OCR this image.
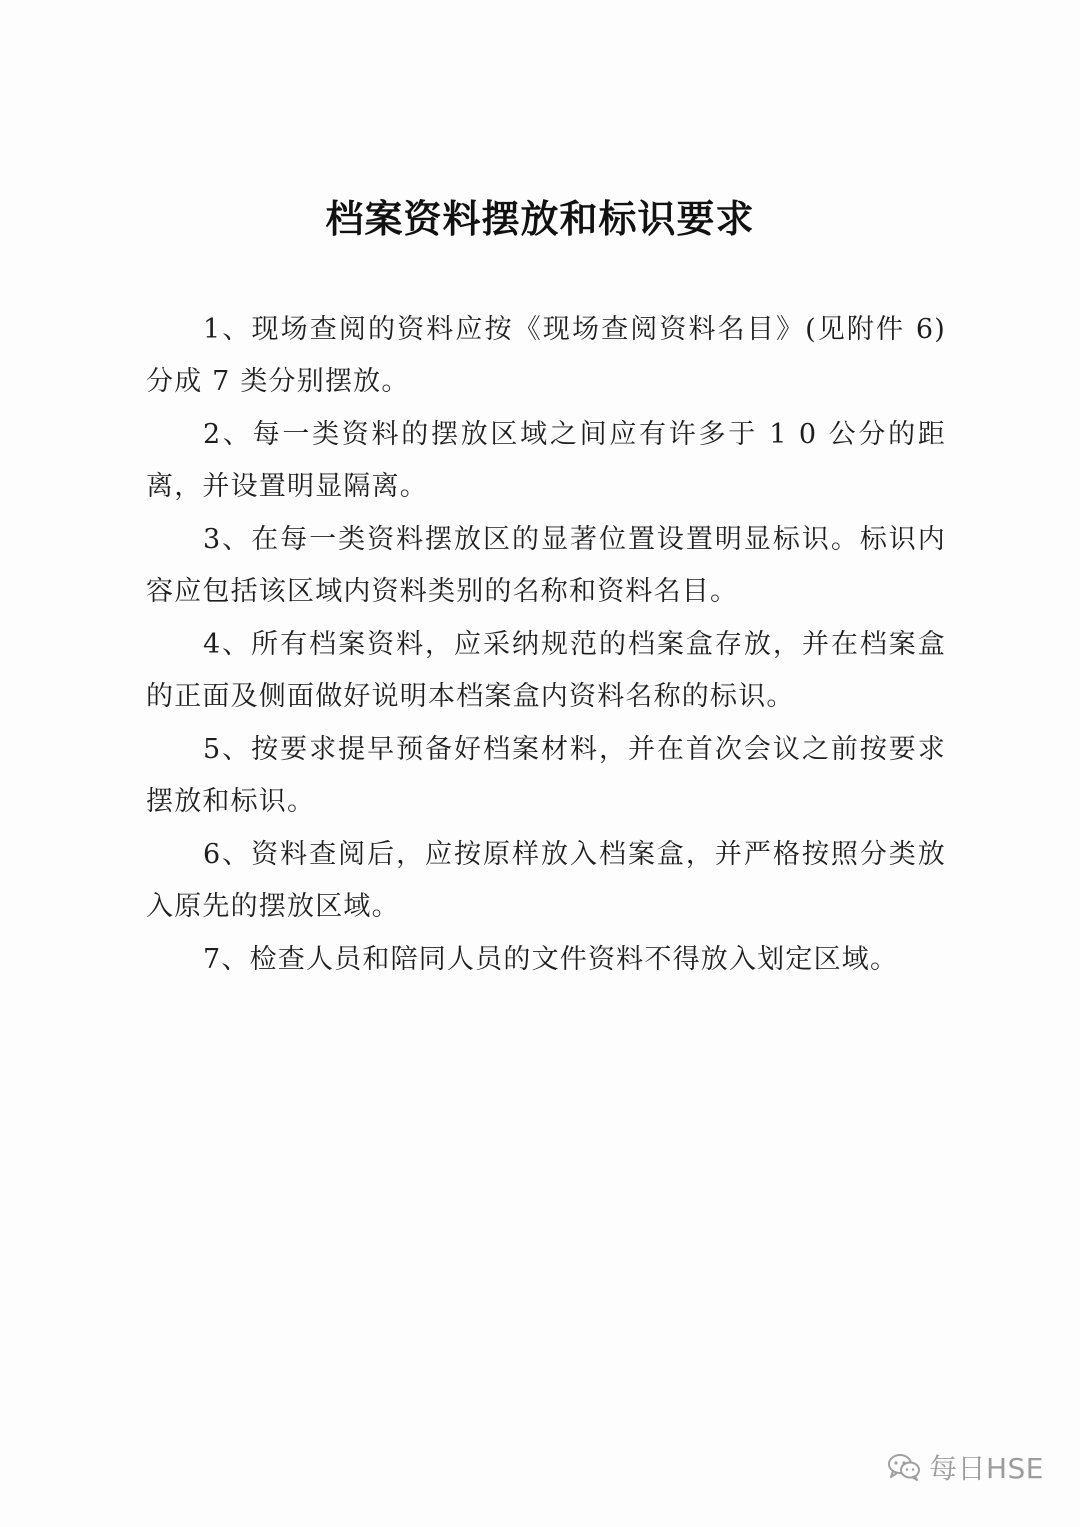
档案资料摆放和标识要求

1、现场查阅的资料应按《现场查阅资料名目》(见附件 6)分成 7 类分别摆放。

2、每一类资料的摆放区域之间应有许多于 1 0 公分的距离，并设置明显隔离。

3、在每一类资料摆放区的显著位置设置明显标识。标识内容应包括该区域内资料类别的名称和资料名目。

4、所有档案资料，应采纳规范的档案盒存放，并在档案盒的正面及侧面做好说明本档案盒内资料名称的标识。

5、按要求提早预备好档案材料，并在首次会议之前按要求摆放和标识。

6、资料查阅后，应按原样放入档案盒，并严格按照分类放入原先的摆放区域。

7、检查人员和陪同人员的文件资料不得放入划定区域。

每日HSE
